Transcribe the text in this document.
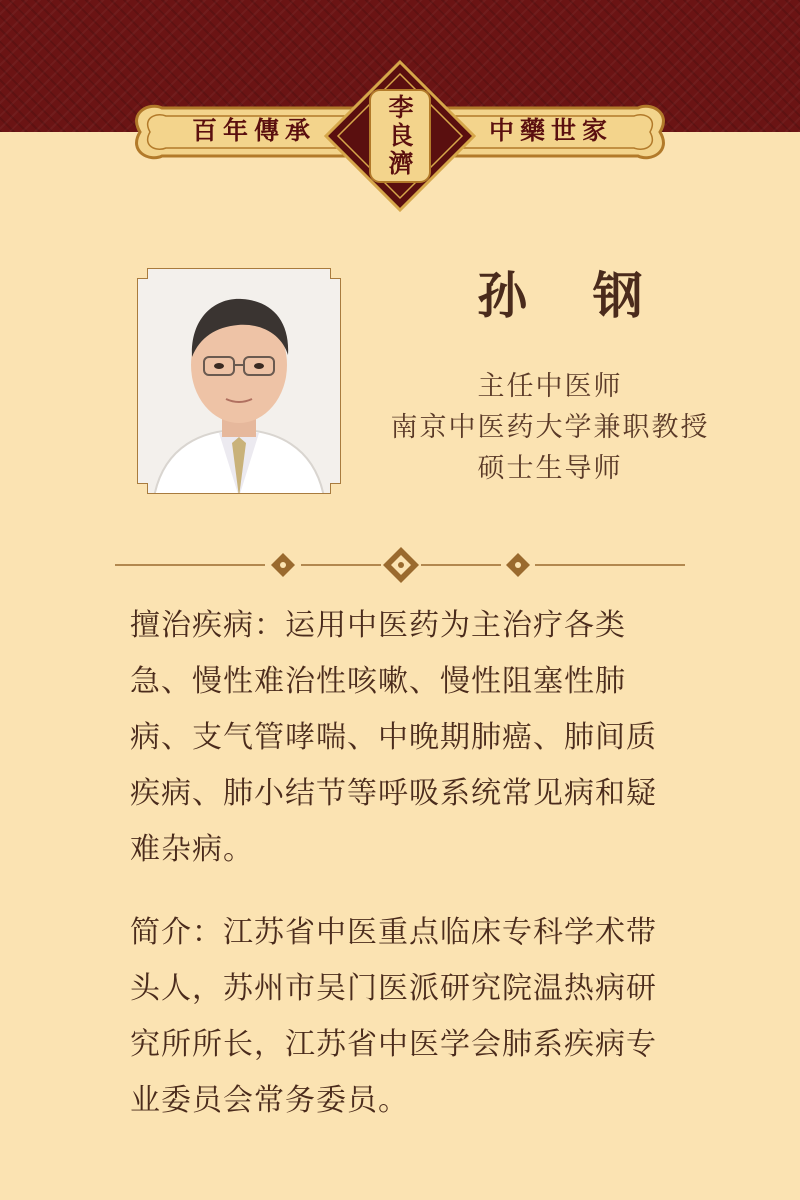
百年傳承	中藥世家
李
良
濟
孙 钢
主任中医师
南京中医药大学兼职教授
硕士生导师
擅治疾病：运用中医药为主治疗各类急、慢性难治性咳嗽、慢性阻塞性肺病、支气管哮喘、中晚期肺癌、肺间质疾病、肺小结节等呼吸系统常见病和疑难杂病。
简介：江苏省中医重点临床专科学术带头人，苏州市吴门医派研究院温热病研究所所长，江苏省中医学会肺系疾病专业委员会常务委员。
